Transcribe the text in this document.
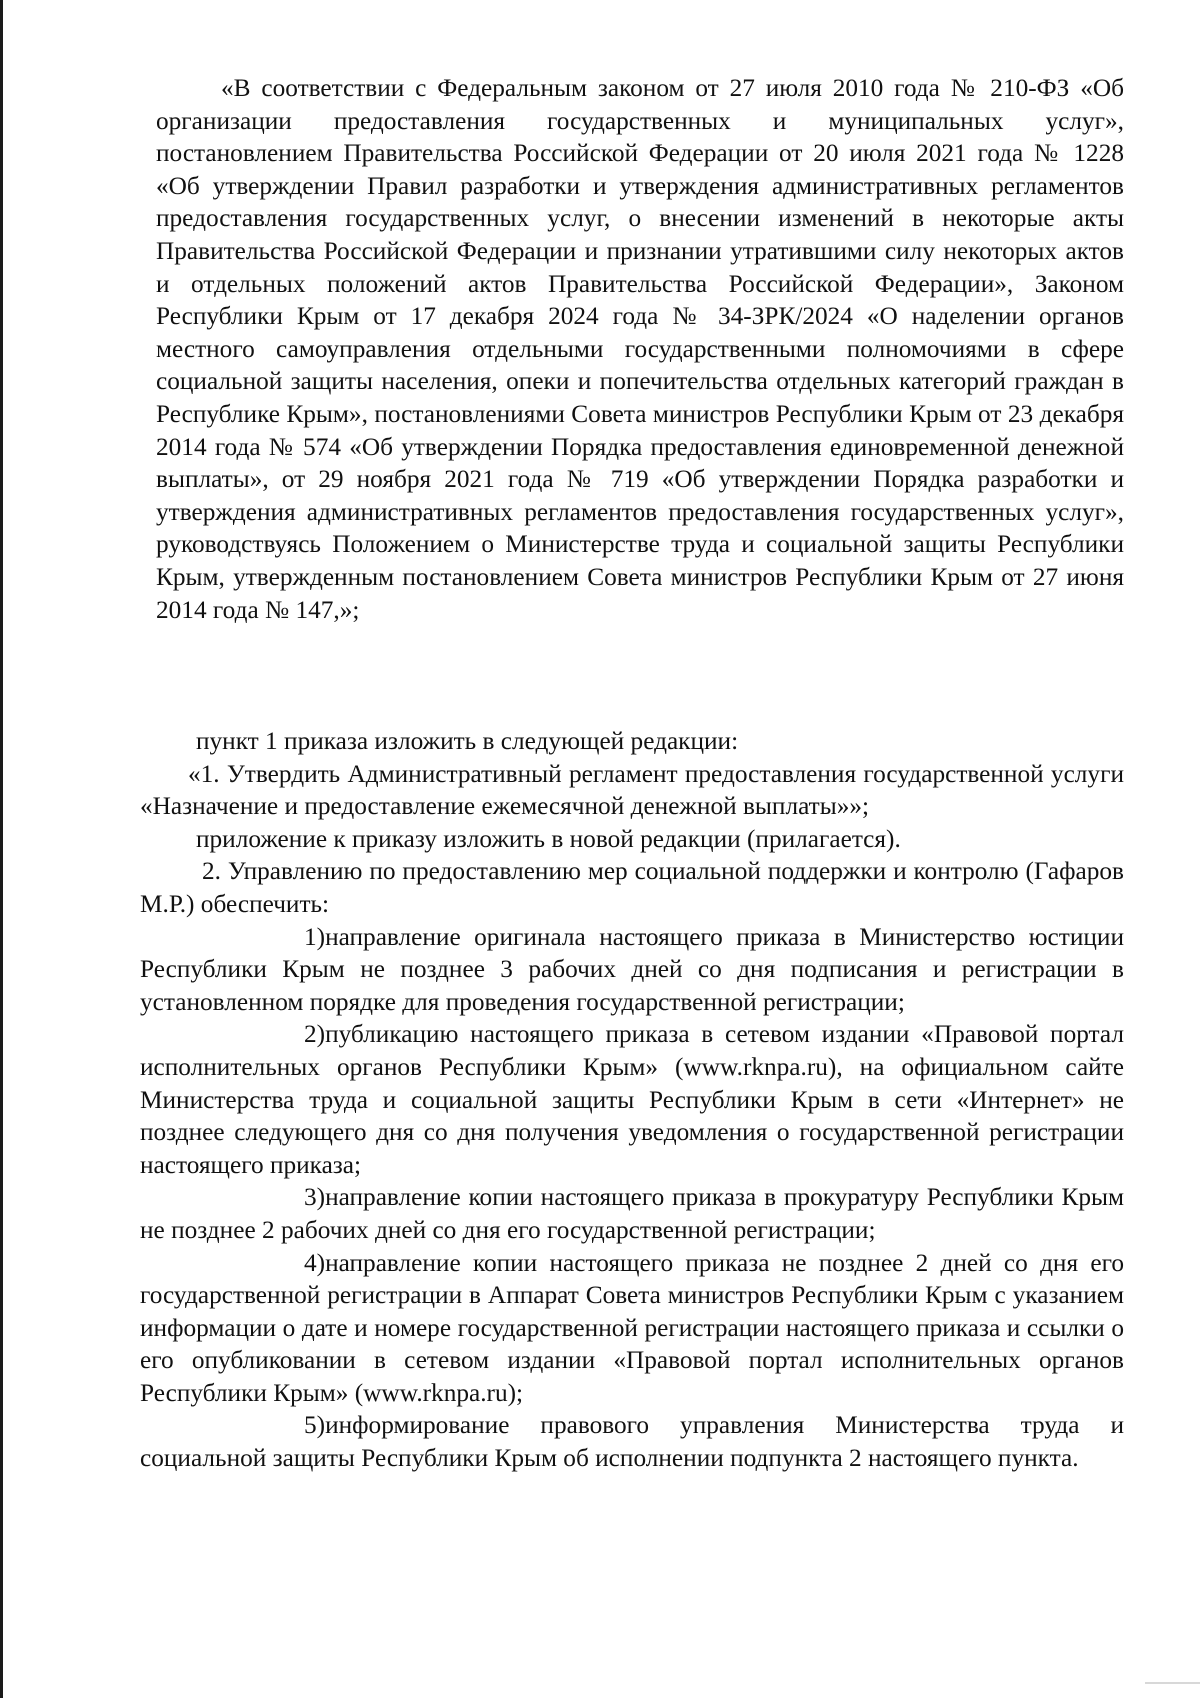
«В соответствии с Федеральным законом от 27 июля 2010 года № 210-ФЗ «Об организации предоставления государственных и муниципальных услуг», постановлением Правительства Российской Федерации от 20 июля 2021 года № 1228 «Об утверждении Правил разработки и утверждения административных регламентов предоставления государственных услуг, о внесении изменений в некоторые акты Правительства Российской Федерации и признании утратившими силу некоторых актов и отдельных положений актов Правительства Российской Федерации», Законом Республики Крым от 17 декабря 2024 года № 34-ЗРК/2024 «О наделении органов местного самоуправления отдельными государственными полномочиями в сфере социальной защиты населения, опеки и попечительства отдельных категорий граждан в Республике Крым», постановлениями Совета министров Республики Крым от 23 декабря 2014 года № 574 «Об утверждении Порядка предоставления единовременной денежной выплаты», от 29 ноября 2021 года № 719 «Об утверждении Порядка разработки и утверждения административных регламентов предоставления государственных услуг», руководствуясь Положением о Министерстве труда и социальной защиты Республики Крым, утвержденным постановлением Совета министров Республики Крым от 27 июня 2014 года № 147,»;

пункт 1 приказа изложить в следующей редакции:

«1. Утвердить Административный регламент предоставления государственной услуги «Назначение и предоставление ежемесячной денежной выплаты»»;

приложение к приказу изложить в новой редакции (прилагается).

2. Управлению по предоставлению мер социальной поддержки и контролю (Гафаров М.Р.) обеспечить:

1)направление оригинала настоящего приказа в Министерство юстиции Республики Крым не позднее 3 рабочих дней со дня подписания и регистрации в установленном порядке для проведения государственной регистрации;

2)публикацию настоящего приказа в сетевом издании «Правовой портал исполнительных органов Республики Крым» (www.rknpa.ru), на официальном сайте Министерства труда и социальной защиты Республики Крым в сети «Интернет» не позднее следующего дня со дня получения уведомления о государственной регистрации настоящего приказа;

3)направление копии настоящего приказа в прокуратуру Республики Крым не позднее 2 рабочих дней со дня его государственной регистрации;

4)направление копии настоящего приказа не позднее 2 дней со дня его государственной регистрации в Аппарат Совета министров Республики Крым с указанием информации о дате и номере государственной регистрации настоящего приказа и ссылки о его опубликовании в сетевом издании «Правовой портал исполнительных органов Республики Крым» (www.rknpa.ru);

5)информирование правового управления Министерства труда и социальной защиты Республики Крым об исполнении подпункта 2 настоящего пункта.
